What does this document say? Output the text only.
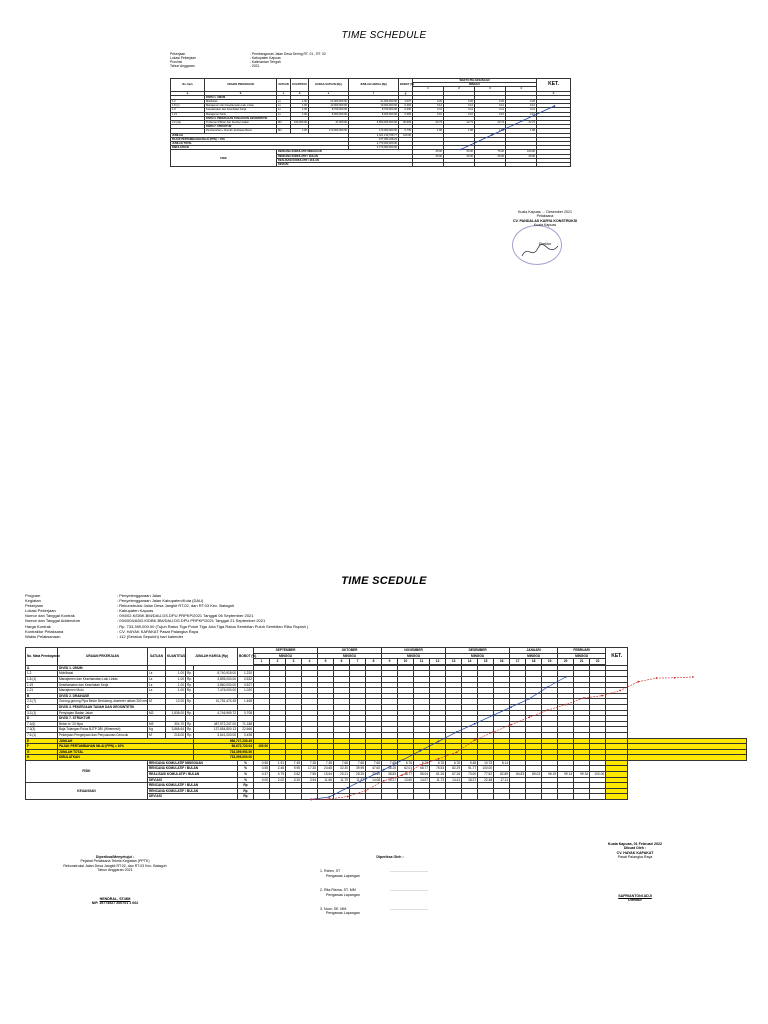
TIME SCHEDULE
Pekerjaan	: Pembangunan Jalan Desa Sering RT. 01 , RT. 02
Lokasi Pekerjaan	: Kabupaten Kapuas
Provinsi	: Kalimantan Tengah
Tahun Anggaran	: 2021
No. Item	URAIAN PEKERJAAN	SATUAN	KUANTITAS	HARGA SATUAN (Rp)	JUMLAH HARGA (Rp)	BOBOT (%)	WAKTU PELAKSANAAN				KET.
							MINGGU				
							1	2	3	4	
a	b	c	d	e	f	g					h
	DIVISI 1. UMUM										
1.2	Mobilisasi	Ls	1.00	21,000,000.00	21,000,000.00	1.037	0.26	0.26	0.26	0.26	
1.8.(1)	Manajemen dan Keselamatan Lalu Lintas	Ls	1.00	10,000,000.00	10,000,000.00	0.494	0.12	0.12	0.12	0.12	
1.9	Keselamatan dan Kesehatan Kerja	Ls	1.00	8,700,000.00	8,700,000.00	0.430	0.11	0.11	0.11	0.11	
1.21	Manajemen Mutu	Ls	1.00	8,000,000.00	8,000,000.00	0.395	0.10	0.10	0.10	0.10	
	DIVISI 3. PEKERJAAN TANAH DAN GEOSINTETIK										
3.2.(2a)	Timbunan Pilihan dari Sumber Galian	M3	150,000.00	37,000.00	5,550,000,000.00	90.909	22.73	22.73	22.73	22.73	
	DIVISI 7. STRUKTUR										
	Pembersihan + Rumah Jembatan Beton	M3	1.00	170,000,000.00	170,000,000.00	6.735	1.68	1.68	1.68	1.68	
JUMLAH					2,421,130,768.77	100.00					
PAJAK PERTAMBAHAN NILAI (PPN) = 10%					277,353,228.23						
JUMLAH TOTAL					2,770,000,000.00						
DIBULATKAN					2,770,000,000.00						
FISIK		RENCANA KOMULATIF MINGGUAN					25.00	50.00	75.00	100.00	
		RENCANA KOMULATIF / BULAN					25.00	25.00	25.00	25.00	
		REALISASI KOMULATIF / BULAN									
		DEVIASI									
Kuala Kapuas, ... Desember 2021
Pelaksana
CV. PANDALAS KARYA KONSTRUKSI
Kuala Kapuas
Direktur
TIME SCEDULE
Program	: Penyelenggaraan Jalan
Kegiatan	: Penyelenggaraan Jalan Kabupaten/Kota (DAU)
Pekerjaan	: Rekonstruksi Jalan Desa Jangkit RT.02, dan RT.03 Kec. Bataguh
Lokasi Pekerjaan	: Kabupaten Kapuas
Nomor dan Tanggal Kontrak	: 094/02.K/DBK.BM/DAU.DS.DPU.PRPKP/2021 Tanggal 06 September 2021
Nomor dan Tanggal Addendum	: 094/004/ADD.K/DBK.BM/DAU.DS.DPU.PRPKP/2021 Tanggal 21 September 2021
Harga Kontrak	: Rp. 733,399,000.00 (Tujuh Ratus Tiga Puluh Tiga Juta Tiga Ratus Sembilan Puluh Sembilan Ribu Rupiah )
Kontraktor Pelaksana	: CV. HAYAK KAPAKAT Pasat Palangka Raya
Waktu Pelaksanaan	: 112 (Seratus Sepuluh) hari kalender
No. Mata Pembayaran	URAIAN PEKERJAAN	SATUAN	KUANTITAS	JUMLAH HARGA (Rp)		BOBOT (%)	SEPTEMBER				OKTOBER				NOVEMBER				DESEMBER				JANUARI			FEBRUARI			KET.	
							MINGGU				MINGGU				MINGGU				MINGGU				MINGGU			MINGGU				
							1	2	3	4	5	6	7	8	9	10	11	12	13	14	15	16	17	18	19	20	21	22		

A	DIVISI 1. UMUM																													
1.2	Mobilisasi	Ls	1.00	Rp.	8,740,918.00	1.220																								
1.8.(1)	Manajemen dan Keselamatan Lalu Lintas	Ls	1.00	Rp.	3,895,000.00	0.532																								
1.19	Keselamatan dan Kesehatan Kerja	Ls	1.00	Rp.	3,860,000.00	0.527																								
1.21	Manajemen Mutu	Ls	1.00	Rp.	7,476,000.00	1.020																								
B	DIVISI 2. DRAINASE																													
2.3.(7)	Gorong-gorong Pipa Beton Bertulang, diameter dalam 300 mm	M'	12.00	Rp.	10,751,474.45	1.468																								
C	DIVISI 3. PEKERJAAN TANAH DAN GEOSINTETIK																													
3.3.(1)	Penyiapan Badan Jalan	M2	1,836.00	Rp.	4,746,969.72	0.708																								
D	DIVISI 7. STRUKTUR																													
7.1(6)	Beton fc' 20 Mpa	M3	304.70	Rp.	487,972,247.00	71.188																								
7.3(3)	Baja Tulangan Polos BJTP 280 (Wiremesh)	Kg	3,866.64	Rp.	137,654,800.13	22.666																								
7.6.(1)	Pekerjaan Pengerjaan dan Penyusunan Cerucuk	M'	218.00	Rp.	3,641,000.00	0.498																								
E	JUMLAH				666,727,230.45																									
F	PAJAK PERTAMBAHAN NILAI (PPN) = 10%				66,672,723.04		100.00																							
G	JUMLAH TOTAL				733,399,953.50																									
H	DIBULATKAN				733,399,000.00																									
FISIK		RENCANA KOMULATIF MINGGUAN				%	0.55	1.91	7.49	7.35	7.35	7.65	7.65	7.65	7.65	6.76	6.76	6.76	6.76	9.48	10.75	8.14								
		RENCANA KOMULATIF / BULAN				%	0.55	2.46	9.95	17.30	24.65	32.30	39.95	47.60	55.25	62.01	68.77	75.53	82.29	91.77	100.00									
		REALISASI KOMULATIF / BULAN				%	0.37	0.79	2.82	7.55	15.64	20.21	28.25	33.40	38.83	48.77	55.04	61.26	67.26	73.00	77.52	82.89	84.83	89.03	96.19	99.14	99.34	100.00		
		DEVIASI				%	0.00	2.02	3.20	3.94	11.66	11.79	11.87	14.08	15.27	13.60	14.07	11.73	14.41	18.27	22.48	17.11								
KEUANGAN		RENCANA KOMULATIF / BULAN				Rp																								
		RENCANA KOMULATIF / BULAN				Rp																								
		DEVIASI				Rp																								
Diperiksa/Menyetujui :
Pejabat Pelaksana Teknis Kegiatan (PPTK)
Rekonstruksi Jalan Desa Jangkit RT.02, dan RT.03 Kec. Bataguh
Tahun Anggaran 2021
HENDRAL, ST.MM
NIP. 19774527 200701 1 002
Diperiksa Oleh :
1. Rahm, ST	......................................
Pengawas Lapangan
2. Rita Risma, ST. MM	......................................
Pengawas Lapangan
3. Noor, SE. MM	......................................
Pengawas Lapangan
Kuala Kapuas, 01 Februari 2022
Dibuat Oleh :
CV. HAYAK KAPAKAT
Pasat Palangka Raya
SAFRIANTONI ADJI
Direktur
